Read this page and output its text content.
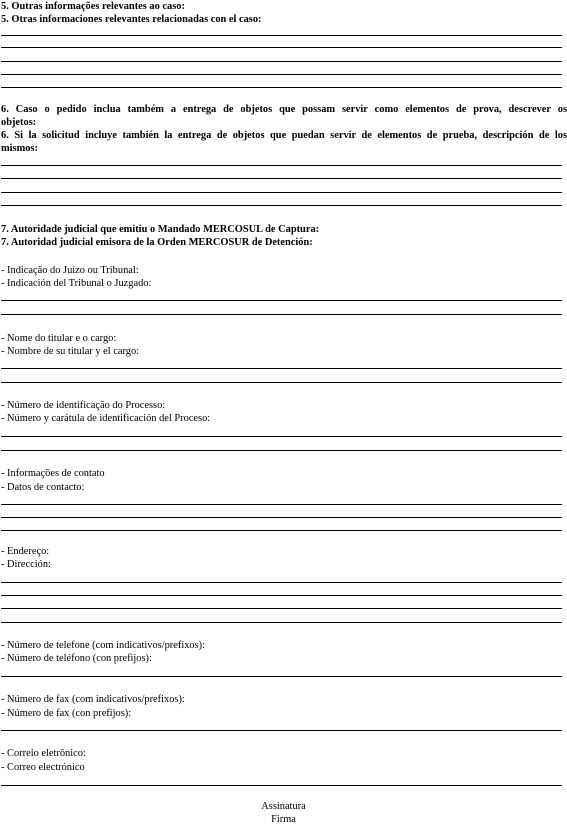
5. Outras informações relevantes ao caso:
5. Otras informaciones relevantes relacionadas con el caso:
6. Caso o pedido inclua também a entrega de objetos que possam servir como elementos de prova, descrever os
objetos:
6. Si la solicitud incluye también la entrega de objetos que puedan servir de elementos de prueba, descripción de los
mismos:
7. Autoridade judicial que emitiu o Mandado MERCOSUL de Captura:
7. Autoridad judicial emisora de la Orden MERCOSUR de Detención:
- Indicação do Juízo ou Tribunal:
- Indicación del Tribunal o Juzgado:
- Nome do titular e o cargo:
- Nombre de su titular y el cargo:
- Número de identificação do Processo:
- Número y carátula de identificación del Proceso:
- Informações de contato
- Datos de contacto:
- Endereço:
- Dirección:
- Número de telefone (com indicativos/prefixos):
- Número de teléfono (con prefijos):
- Número de fax (com indicativos/prefixos):
- Número de fax (con prefijos):
- Correio eletrônico:
- Correo electrónico
Assinatura
Firma
